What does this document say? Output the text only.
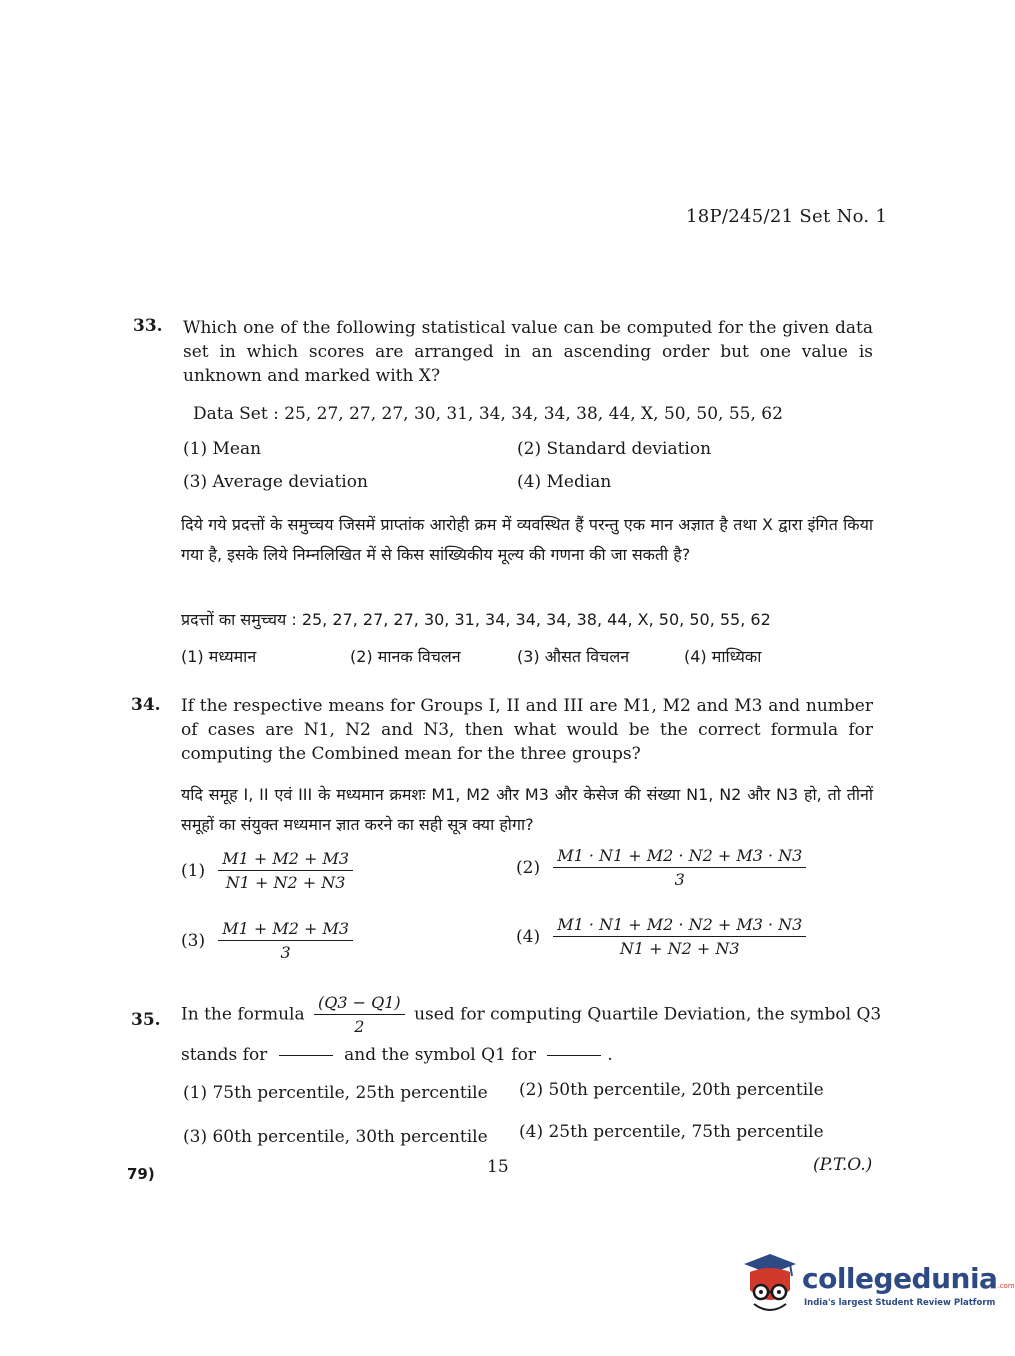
18P/245/21 Set No. 1
33. Which one of the following statistical value can be computed for the given data set in which scores are arranged in an ascending order but one value is unknown and marked with X?
Data Set : 25, 27, 27, 27, 30, 31, 34, 34, 34, 38, 44, X, 50, 50, 55, 62
(1) Mean	(2) Standard deviation
(3) Average deviation	(4) Median
दिये गये प्रदत्तों के समुच्चय जिसमें प्राप्तांक आरोही क्रम में व्यवस्थित हैं परन्तु एक मान अज्ञात है तथा X द्वारा इंगित किया गया है, इसके लिये निम्नलिखित में से किस सांख्यिकीय मूल्य की गणना की जा सकती है?
प्रदत्तों का समुच्चय : 25, 27, 27, 27, 30, 31, 34, 34, 34, 38, 44, X, 50, 50, 55, 62
(1) मध्यमान	(2) मानक विचलन	(3) औसत विचलन	(4) माध्यिका
34. If the respective means for Groups I, II and III are M1, M2 and M3 and number of cases are N1, N2 and N3, then what would be the correct formula for computing the Combined mean for the three groups?
यदि समूह I, II एवं III के मध्यमान क्रमशः M1, M2 और M3 और केसेज की संख्या N1, N2 और N3 हो, तो तीनों समूहों का संयुक्त मध्यमान ज्ञात करने का सही सूत्र क्या होगा?
$(1) \frac{M1 + M2 + M3}{N1 + N2 + N3}$	$(2) \frac{M1 \cdot N1 + M2 \cdot N2 + M3 \cdot N3}{3}$
$(3) \frac{M1 + M2 + M3}{3}$	$(4) \frac{M1 \cdot N1 + M2 \cdot N2 + M3 \cdot N3}{N1 + N2 + N3}$
35. In the formula $\frac{(Q3 - Q1)}{2}$ used for computing Quartile Deviation, the symbol Q3
stands for	and the symbol Q1 for	.
(1) 75th percentile, 25th percentile (2) 50th percentile, 20th percentile
(3) 60th percentile, 30th percentile (4) 25th percentile, 75th percentile
79)	15	(P.T.O.)
collegedunia.com
India's largest Student Review Platform
